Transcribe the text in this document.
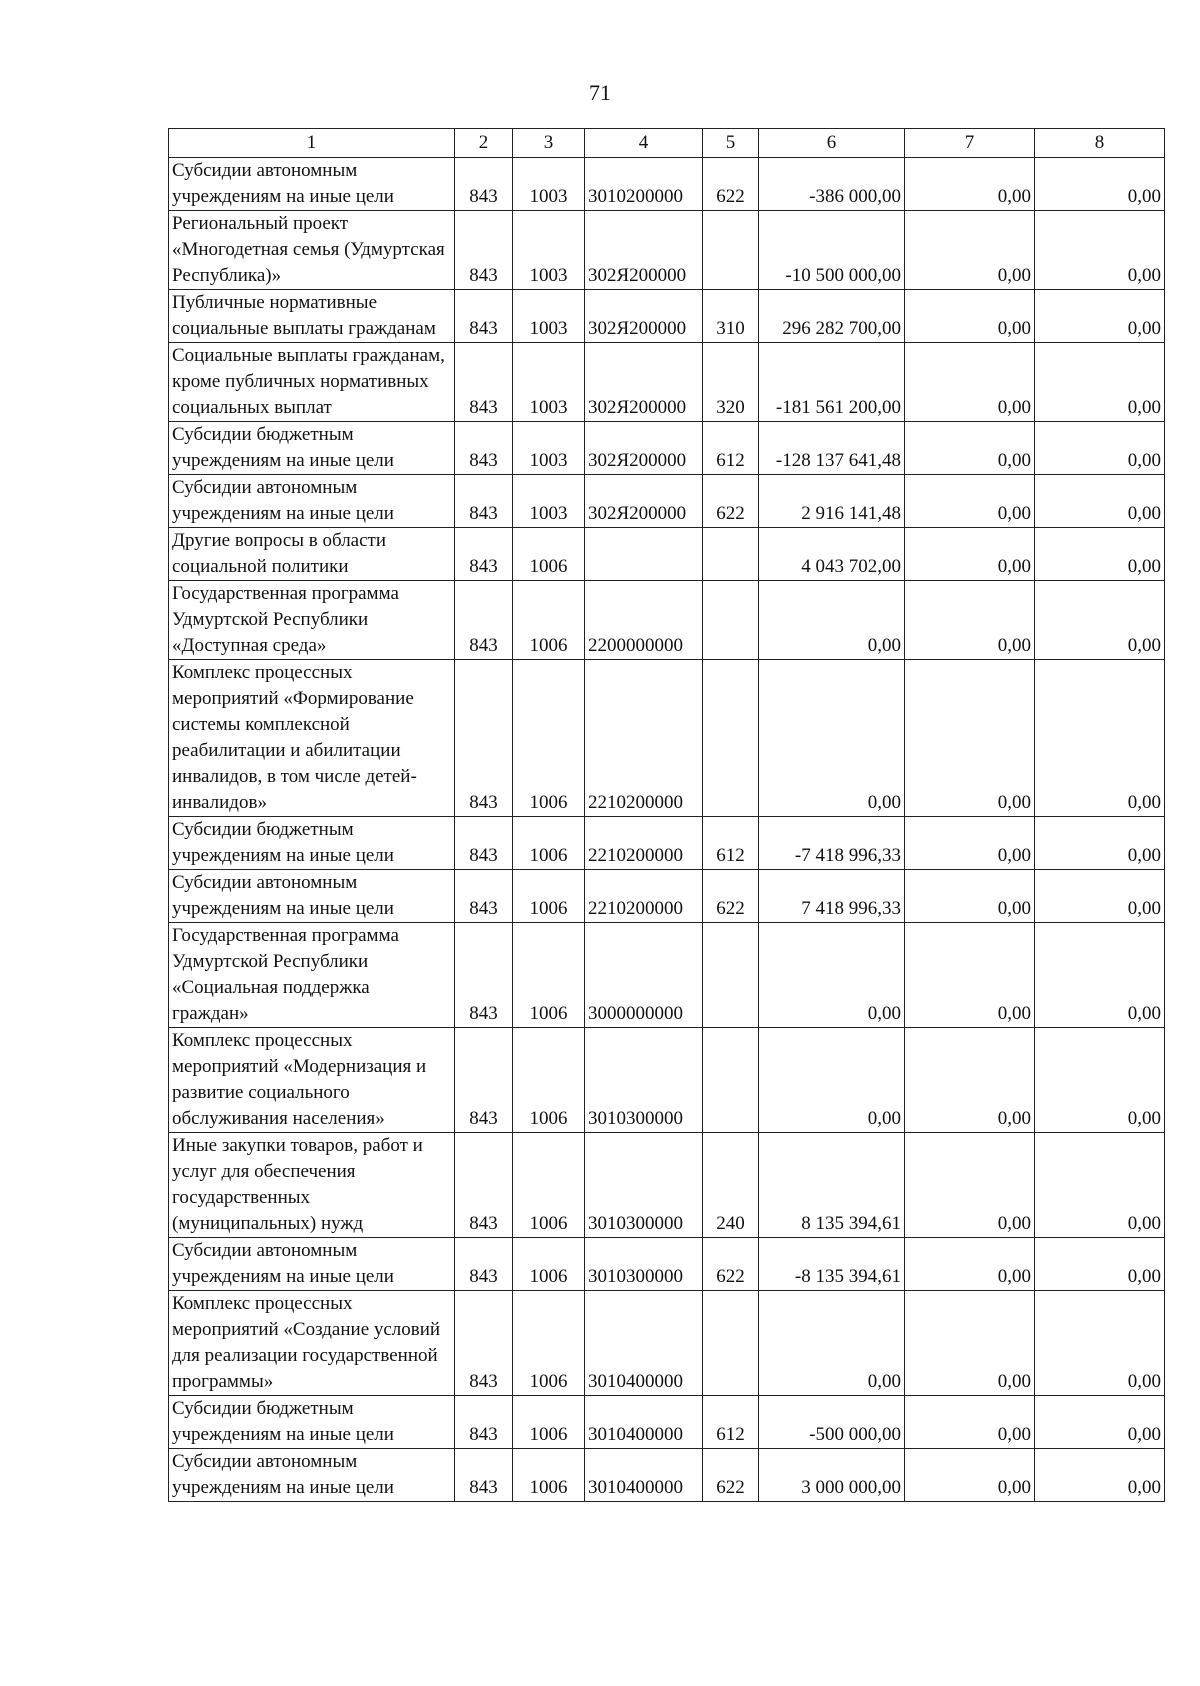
71
1	2	3	4	5	6	7	8
Субсидии автономным учреждениям на иные цели	843	1003	3010200000	622	-386 000,00	0,00	0,00
Региональный проект «Многодетная семья (Удмуртская Республика)»	843	1003	302Я200000		-10 500 000,00	0,00	0,00
Публичные нормативные социальные выплаты гражданам	843	1003	302Я200000	310	296 282 700,00	0,00	0,00
Социальные выплаты гражданам, кроме публичных нормативных социальных выплат	843	1003	302Я200000	320	-181 561 200,00	0,00	0,00
Субсидии бюджетным учреждениям на иные цели	843	1003	302Я200000	612	-128 137 641,48	0,00	0,00
Субсидии автономным учреждениям на иные цели	843	1003	302Я200000	622	2 916 141,48	0,00	0,00
Другие вопросы в области социальной политики	843	1006			4 043 702,00	0,00	0,00
Государственная программа Удмуртской Республики «Доступная среда»	843	1006	2200000000		0,00	0,00	0,00
Комплекс процессных мероприятий «Формирование системы комплексной реабилитации и абилитации инвалидов, в том числе детей-инвалидов»	843	1006	2210200000		0,00	0,00	0,00
Субсидии бюджетным учреждениям на иные цели	843	1006	2210200000	612	-7 418 996,33	0,00	0,00
Субсидии автономным учреждениям на иные цели	843	1006	2210200000	622	7 418 996,33	0,00	0,00
Государственная программа Удмуртской Республики «Социальная поддержка граждан»	843	1006	3000000000		0,00	0,00	0,00
Комплекс процессных мероприятий «Модернизация и развитие социального обслуживания населения»	843	1006	3010300000		0,00	0,00	0,00
Иные закупки товаров, работ и услуг для обеспечения государственных (муниципальных) нужд	843	1006	3010300000	240	8 135 394,61	0,00	0,00
Субсидии автономным учреждениям на иные цели	843	1006	3010300000	622	-8 135 394,61	0,00	0,00
Комплекс процессных мероприятий «Создание условий для реализации государственной программы»	843	1006	3010400000		0,00	0,00	0,00
Субсидии бюджетным учреждениям на иные цели	843	1006	3010400000	612	-500 000,00	0,00	0,00
Субсидии автономным учреждениям на иные цели	843	1006	3010400000	622	3 000 000,00	0,00	0,00
